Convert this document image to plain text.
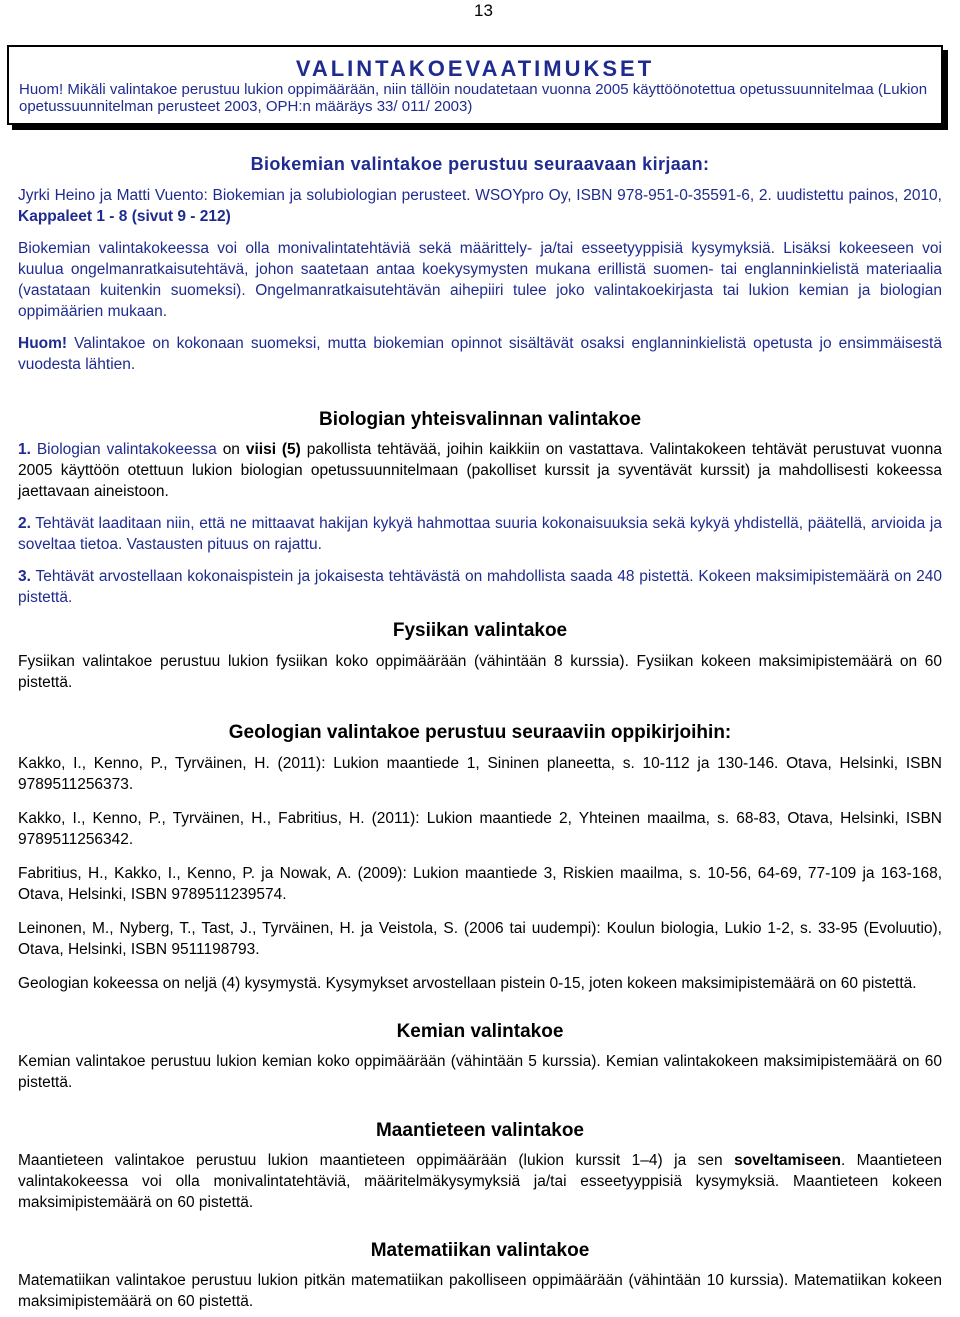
13
VALINTAKOEVAATIMUKSET
Huom! Mikäli valintakoe perustuu lukion oppimäärään, niin tällöin noudatetaan vuonna 2005 käyttöönotettua opetussuunnitelmaa (Lukion opetussuunnitelman perusteet 2003, OPH:n määräys 33/ 011/ 2003)
Biokemian valintakoe perustuu seuraavaan kirjaan:

Jyrki Heino ja Matti Vuento: Biokemian ja solubiologian perusteet. WSOYpro Oy, ISBN 978-951-0-35591-6, 2. uudistettu painos, 2010, Kappaleet 1 - 8 (sivut 9 - 212)

Biokemian valintakokeessa voi olla monivalintatehtäviä sekä määrittely- ja/tai esseetyyppisiä kysymyksiä. Lisäksi kokeeseen voi kuulua ongelmanratkaisutehtävä, johon saatetaan antaa koekysymysten mukana erillistä suomen- tai englanninkielistä materiaalia (vastataan kuitenkin suomeksi). Ongelmanratkaisutehtävän aihepiiri tulee joko valintakoekirjasta tai lukion kemian ja biologian oppimäärien mukaan.

Huom! Valintakoe on kokonaan suomeksi, mutta biokemian opinnot sisältävät osaksi englanninkielistä opetusta jo ensimmäisestä vuodesta lähtien.

Biologian yhteisvalinnan valintakoe

1. Biologian valintakokeessa on viisi (5) pakollista tehtävää, joihin kaikkiin on vastattava. Valintakokeen tehtävät perustuvat vuonna 2005 käyttöön otettuun lukion biologian opetussuunnitelmaan (pakolliset kurssit ja syventävät kurssit) ja mahdollisesti kokeessa jaettavaan aineistoon.

2. Tehtävät laaditaan niin, että ne mittaavat hakijan kykyä hahmottaa suuria kokonaisuuksia sekä kykyä yhdistellä, päätellä, arvioida ja soveltaa tietoa. Vastausten pituus on rajattu.

3. Tehtävät arvostellaan kokonaispistein ja jokaisesta tehtävästä on mahdollista saada 48 pistettä. Kokeen maksimipistemäärä on 240 pistettä.

Fysiikan valintakoe

Fysiikan valintakoe perustuu lukion fysiikan koko oppimäärään (vähintään 8 kurssia). Fysiikan kokeen maksimipistemäärä on 60 pistettä.

Geologian valintakoe perustuu seuraaviin oppikirjoihin:

Kakko, I., Kenno, P., Tyrväinen, H. (2011): Lukion maantiede 1, Sininen planeetta, s. 10-112 ja 130-146. Otava, Helsinki, ISBN 9789511256373.

Kakko, I., Kenno, P., Tyrväinen, H., Fabritius, H. (2011): Lukion maantiede 2, Yhteinen maailma, s. 68-83, Otava, Helsinki, ISBN 9789511256342.

Fabritius, H., Kakko, I., Kenno, P. ja Nowak, A. (2009): Lukion maantiede 3, Riskien maailma, s. 10-56, 64-69, 77-109 ja 163-168, Otava, Helsinki, ISBN 9789511239574.

Leinonen, M., Nyberg, T., Tast, J., Tyrväinen, H. ja Veistola, S. (2006 tai uudempi): Koulun biologia, Lukio 1-2, s. 33-95 (Evoluutio), Otava, Helsinki, ISBN 9511198793.

Geologian kokeessa on neljä (4) kysymystä. Kysymykset arvostellaan pistein 0-15, joten kokeen maksimipistemäärä on 60 pistettä.

Kemian valintakoe

Kemian valintakoe perustuu lukion kemian koko oppimäärään (vähintään 5 kurssia). Kemian valintakokeen maksimipistemäärä on 60 pistettä.

Maantieteen valintakoe

Maantieteen valintakoe perustuu lukion maantieteen oppimäärään (lukion kurssit 1–4) ja sen soveltamiseen. Maantieteen valintakokeessa voi olla monivalintatehtäviä, määritelmäkysymyksiä ja/tai esseetyyppisiä kysymyksiä. Maantieteen kokeen maksimipistemäärä on 60 pistettä.

Matematiikan valintakoe

Matematiikan valintakoe perustuu lukion pitkän matematiikan pakolliseen oppimäärään (vähintään 10 kurssia). Matematiikan kokeen maksimipistemäärä on 60 pistettä.
